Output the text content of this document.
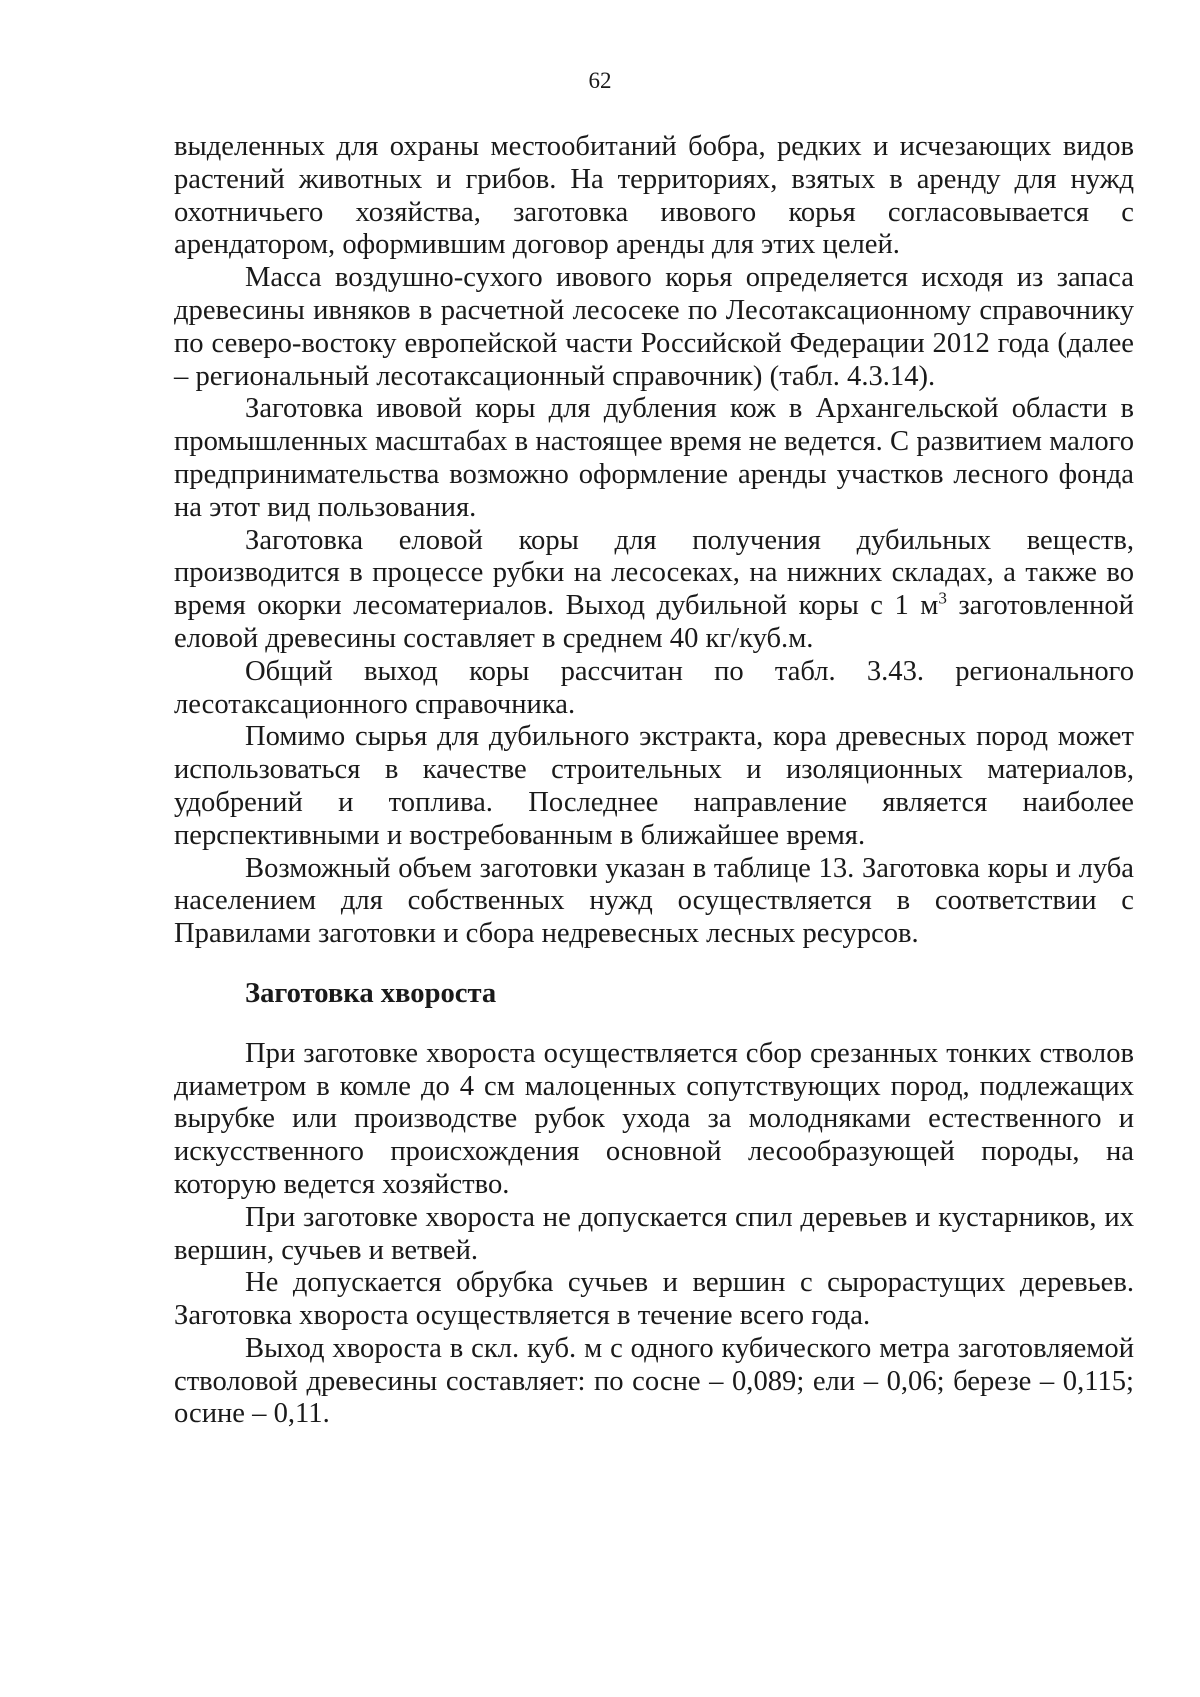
62

выделенных для охраны местообитаний бобра, редких и исчезающих видов растений животных и грибов. На территориях, взятых в аренду для нужд охотничьего хозяйства, заготовка ивового корья согласовывается с арендатором, оформившим договор аренды для этих целей.

Масса воздушно-сухого ивового корья определяется исходя из запаса древесины ивняков в расчетной лесосеке по Лесотаксационному справочнику по северо-востоку европейской части Российской Федерации 2012 года (далее – региональный лесотаксационный справочник) (табл. 4.3.14).

Заготовка ивовой коры для дубления кож в Архангельской области в промышленных масштабах в настоящее время не ведется. С развитием малого предпринимательства возможно оформление аренды участков лесного фонда на этот вид пользования.

Заготовка еловой коры для получения дубильных веществ, производится в процессе рубки на лесосеках, на нижних складах, а также во время окорки лесоматериалов. Выход дубильной коры с 1 $м^3$ заготовленной еловой древесины составляет в среднем 40 кг/куб.м.

Общий выход коры рассчитан по табл. 3.43. регионального лесотаксационного справочника.

Помимо сырья для дубильного экстракта, кора древесных пород может использоваться в качестве строительных и изоляционных материалов, удобрений и топлива. Последнее направление является наиболее перспективными и востребованным в ближайшее время.

Возможный объем заготовки указан в таблице 13. Заготовка коры и луба населением для собственных нужд осуществляется в соответствии с Правилами заготовки и сбора недревесных лесных ресурсов.

Заготовка хвороста

При заготовке хвороста осуществляется сбор срезанных тонких стволов диаметром в комле до 4 см малоценных сопутствующих пород, подлежащих вырубке или производстве рубок ухода за молодняками естественного и искусственного происхождения основной лесообразующей породы, на которую ведется хозяйство.

При заготовке хвороста не допускается спил деревьев и кустарников, их вершин, сучьев и ветвей.

Не допускается обрубка сучьев и вершин с сырорастущих деревьев. Заготовка хвороста осуществляется в течение всего года.

Выход хвороста в скл. куб. м с одного кубического метра заготовляемой стволовой древесины составляет: по сосне – 0,089; ели – 0,06; березе – 0,115; осине – 0,11.
